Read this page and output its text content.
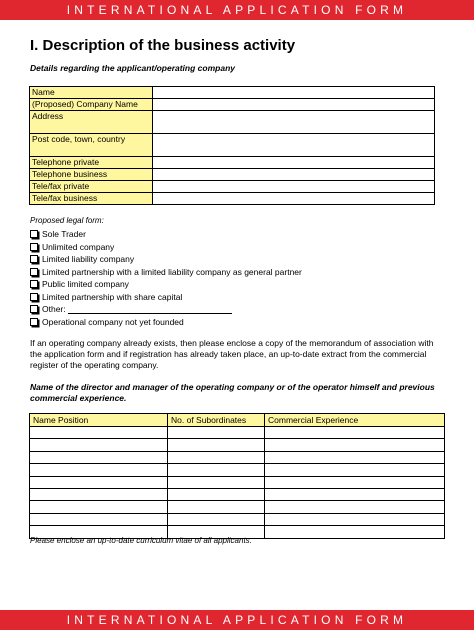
INTERNATIONAL APPLICATION FORM
I. Description of the business activity
Details regarding the applicant/operating company
Name	
(Proposed) Company Name	
Address	
Post code, town, country	
Telephone private	
Telephone business	
Tele/fax private	
Tele/fax business	
Proposed legal form:
Sole Trader
Unlimited company
Limited liability company
Limited partnership with a limited liability company as general partner
Public limited company
Limited partnership with share capital
Other:
Operational company not yet founded
If an operating company already exists, then please enclose a copy of the memorandum of association with the application form and if registration has already taken place, an up-to-date extract from the commercial register of the operating company.
Name of the director and manager of the operating company or of the operator himself and previous commercial experience.
Name Position	No. of Subordinates	Commercial Experience

Please enclose an up-to-date curriculum vitae of all applicants.
INTERNATIONAL APPLICATION FORM
